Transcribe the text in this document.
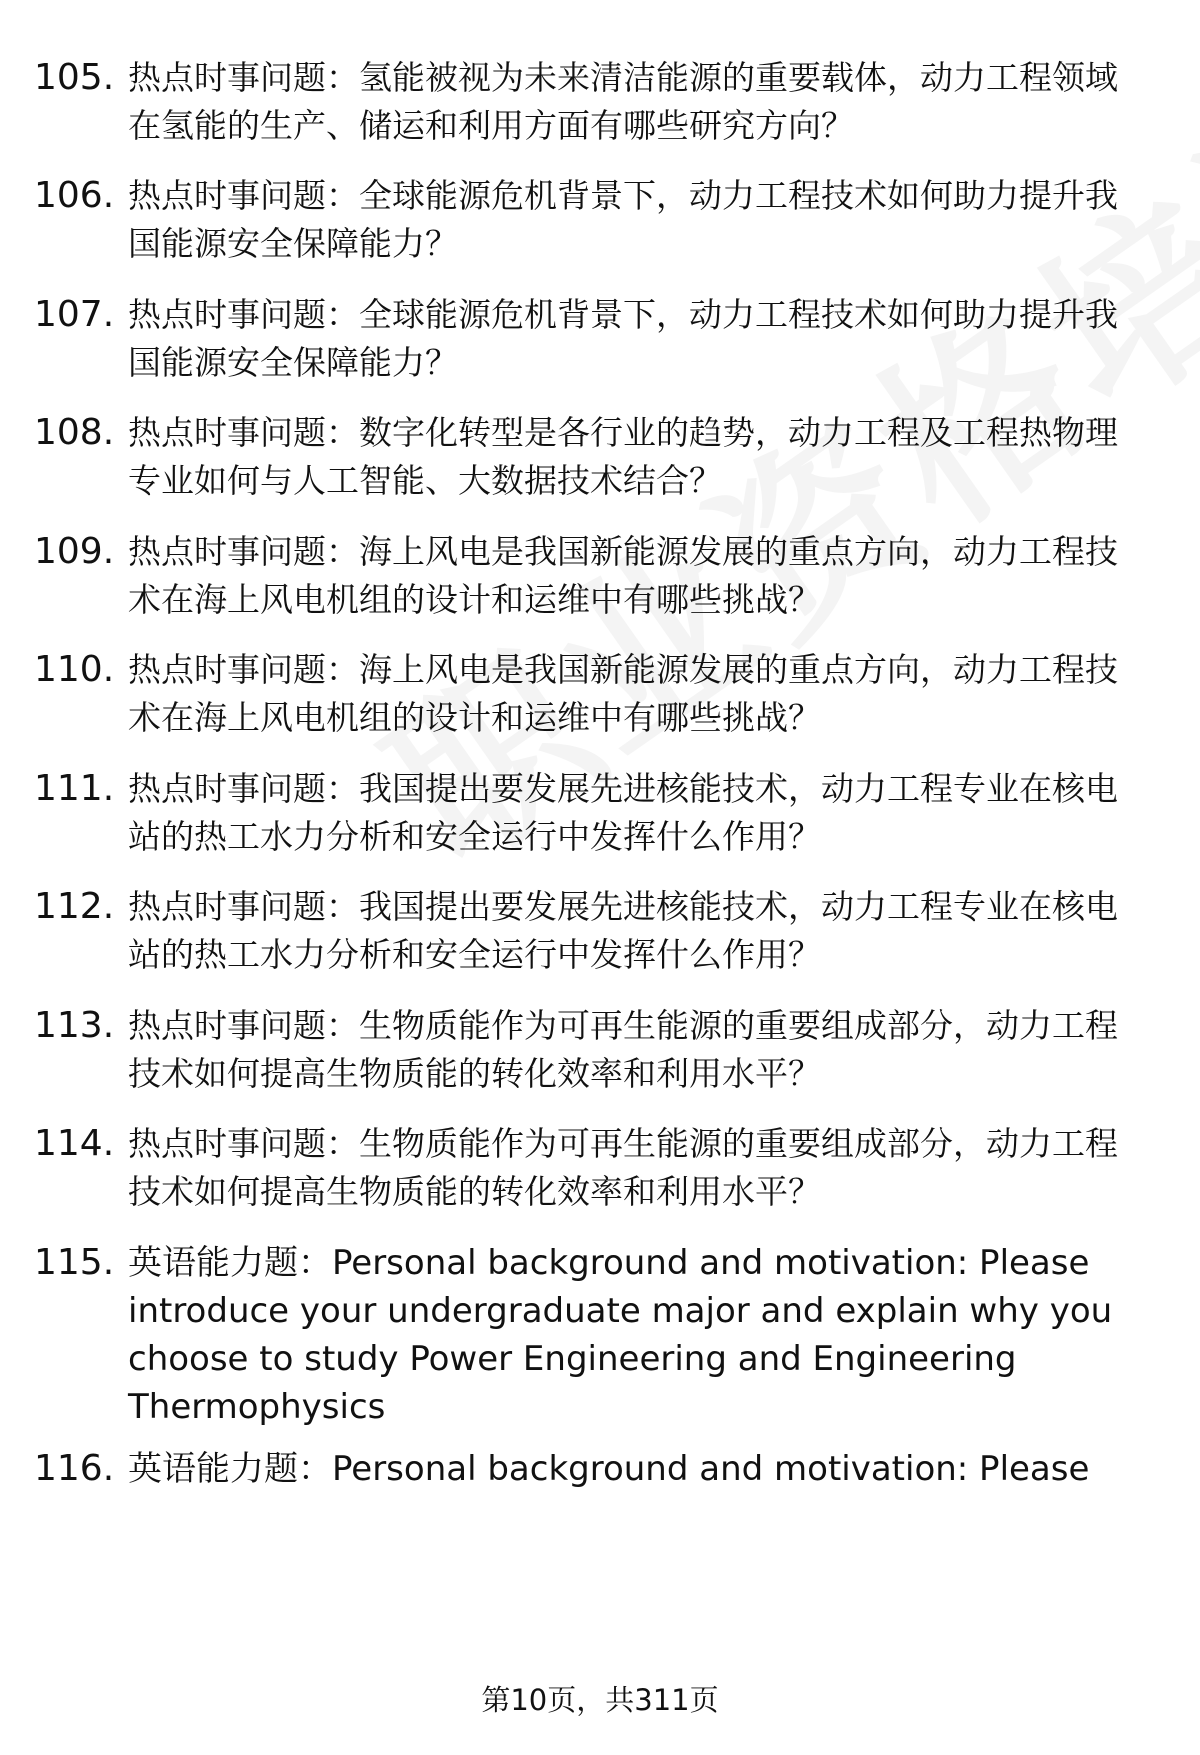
105. 热点时事问题：氢能被视为未来清洁能源的重要载体，动力工程领域在氢能的生产、储运和利用方面有哪些研究方向？
106. 热点时事问题：全球能源危机背景下，动力工程技术如何助力提升我国能源安全保障能力？
107. 热点时事问题：全球能源危机背景下，动力工程技术如何助力提升我国能源安全保障能力？
108. 热点时事问题：数字化转型是各行业的趋势，动力工程及工程热物理专业如何与人工智能、大数据技术结合？
109. 热点时事问题：海上风电是我国新能源发展的重点方向，动力工程技术在海上风电机组的设计和运维中有哪些挑战？
110. 热点时事问题：海上风电是我国新能源发展的重点方向，动力工程技术在海上风电机组的设计和运维中有哪些挑战？
111. 热点时事问题：我国提出要发展先进核能技术，动力工程专业在核电站的热工水力分析和安全运行中发挥什么作用？
112. 热点时事问题：我国提出要发展先进核能技术，动力工程专业在核电站的热工水力分析和安全运行中发挥什么作用？
113. 热点时事问题：生物质能作为可再生能源的重要组成部分，动力工程技术如何提高生物质能的转化效率和利用水平？
114. 热点时事问题：生物质能作为可再生能源的重要组成部分，动力工程技术如何提高生物质能的转化效率和利用水平？
115. 英语能力题：Personal background and motivation: Please introduce your undergraduate major and explain why you choose to study Power Engineering and Engineering Thermophysics
116. 英语能力题：Personal background and motivation: Please
第10页，共311页
